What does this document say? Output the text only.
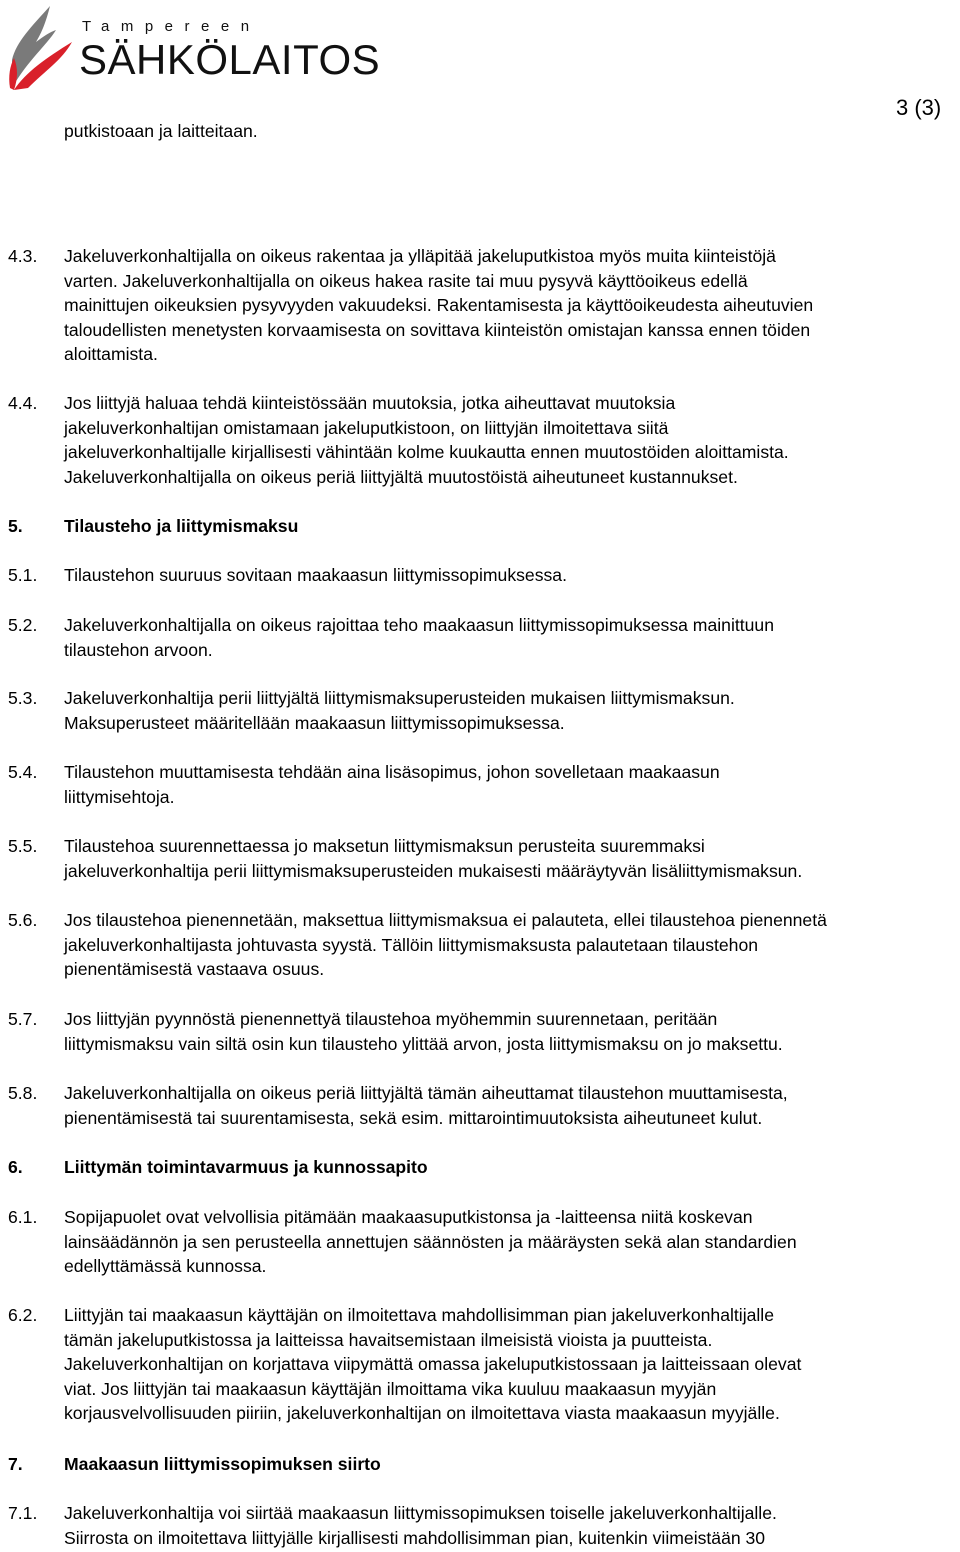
Tampereen
SÄHKÖLAITOS
3 (3)
putkistoaan ja laitteitaan.
4.3. Jakeluverkonhaltijalla on oikeus rakentaa ja ylläpitää jakeluputkistoa myös muita kiinteistöjä
varten. Jakeluverkonhaltijalla on oikeus hakea rasite tai muu pysyvä käyttöoikeus edellä
mainittujen oikeuksien pysyvyyden vakuudeksi. Rakentamisesta ja käyttöoikeudesta aiheutuvien
taloudellisten menetysten korvaamisesta on sovittava kiinteistön omistajan kanssa ennen töiden
aloittamista.
4.4. Jos liittyjä haluaa tehdä kiinteistössään muutoksia, jotka aiheuttavat muutoksia
jakeluverkonhaltijan omistamaan jakeluputkistoon, on liittyjän ilmoitettava siitä
jakeluverkonhaltijalle kirjallisesti vähintään kolme kuukautta ennen muutostöiden aloittamista.
Jakeluverkonhaltijalla on oikeus periä liittyjältä muutostöistä aiheutuneet kustannukset.
5. Tilausteho ja liittymismaksu
5.1. Tilaustehon suuruus sovitaan maakaasun liittymissopimuksessa.
5.2. Jakeluverkonhaltijalla on oikeus rajoittaa teho maakaasun liittymissopimuksessa mainittuun
tilaustehon arvoon.
5.3. Jakeluverkonhaltija perii liittyjältä liittymismaksuperusteiden mukaisen liittymismaksun.
Maksuperusteet määritellään maakaasun liittymissopimuksessa.
5.4. Tilaustehon muuttamisesta tehdään aina lisäsopimus, johon sovelletaan maakaasun
liittymisehtoja.
5.5. Tilaustehoa suurennettaessa jo maksetun liittymismaksun perusteita suuremmaksi
jakeluverkonhaltija perii liittymismaksuperusteiden mukaisesti määräytyvän lisäliittymismaksun.
5.6. Jos tilaustehoa pienennetään, maksettua liittymismaksua ei palauteta, ellei tilaustehoa pienennetä
jakeluverkonhaltijasta johtuvasta syystä. Tällöin liittymismaksusta palautetaan tilaustehon
pienentämisestä vastaava osuus.
5.7. Jos liittyjän pyynnöstä pienennettyä tilaustehoa myöhemmin suurennetaan, peritään
liittymismaksu vain siltä osin kun tilausteho ylittää arvon, josta liittymismaksu on jo maksettu.
5.8. Jakeluverkonhaltijalla on oikeus periä liittyjältä tämän aiheuttamat tilaustehon muuttamisesta,
pienentämisestä tai suurentamisesta, sekä esim. mittarointimuutoksista aiheutuneet kulut.
6. Liittymän toimintavarmuus ja kunnossapito
6.1. Sopijapuolet ovat velvollisia pitämään maakaasuputkistonsa ja -laitteensa niitä koskevan
lainsäädännön ja sen perusteella annettujen säännösten ja määräysten sekä alan standardien
edellyttämässä kunnossa.
6.2. Liittyjän tai maakaasun käyttäjän on ilmoitettava mahdollisimman pian jakeluverkonhaltijalle
tämän jakeluputkistossa ja laitteissa havaitsemistaan ilmeisistä vioista ja puutteista.
Jakeluverkonhaltijan on korjattava viipymättä omassa jakeluputkistossaan ja laitteissaan olevat
viat. Jos liittyjän tai maakaasun käyttäjän ilmoittama vika kuuluu maakaasun myyjän
korjausvelvollisuuden piiriin, jakeluverkonhaltijan on ilmoitettava viasta maakaasun myyjälle.
7. Maakaasun liittymissopimuksen siirto
7.1. Jakeluverkonhaltija voi siirtää maakaasun liittymissopimuksen toiselle jakeluverkonhaltijalle.
Siirrosta on ilmoitettava liittyjälle kirjallisesti mahdollisimman pian, kuitenkin viimeistään 30
